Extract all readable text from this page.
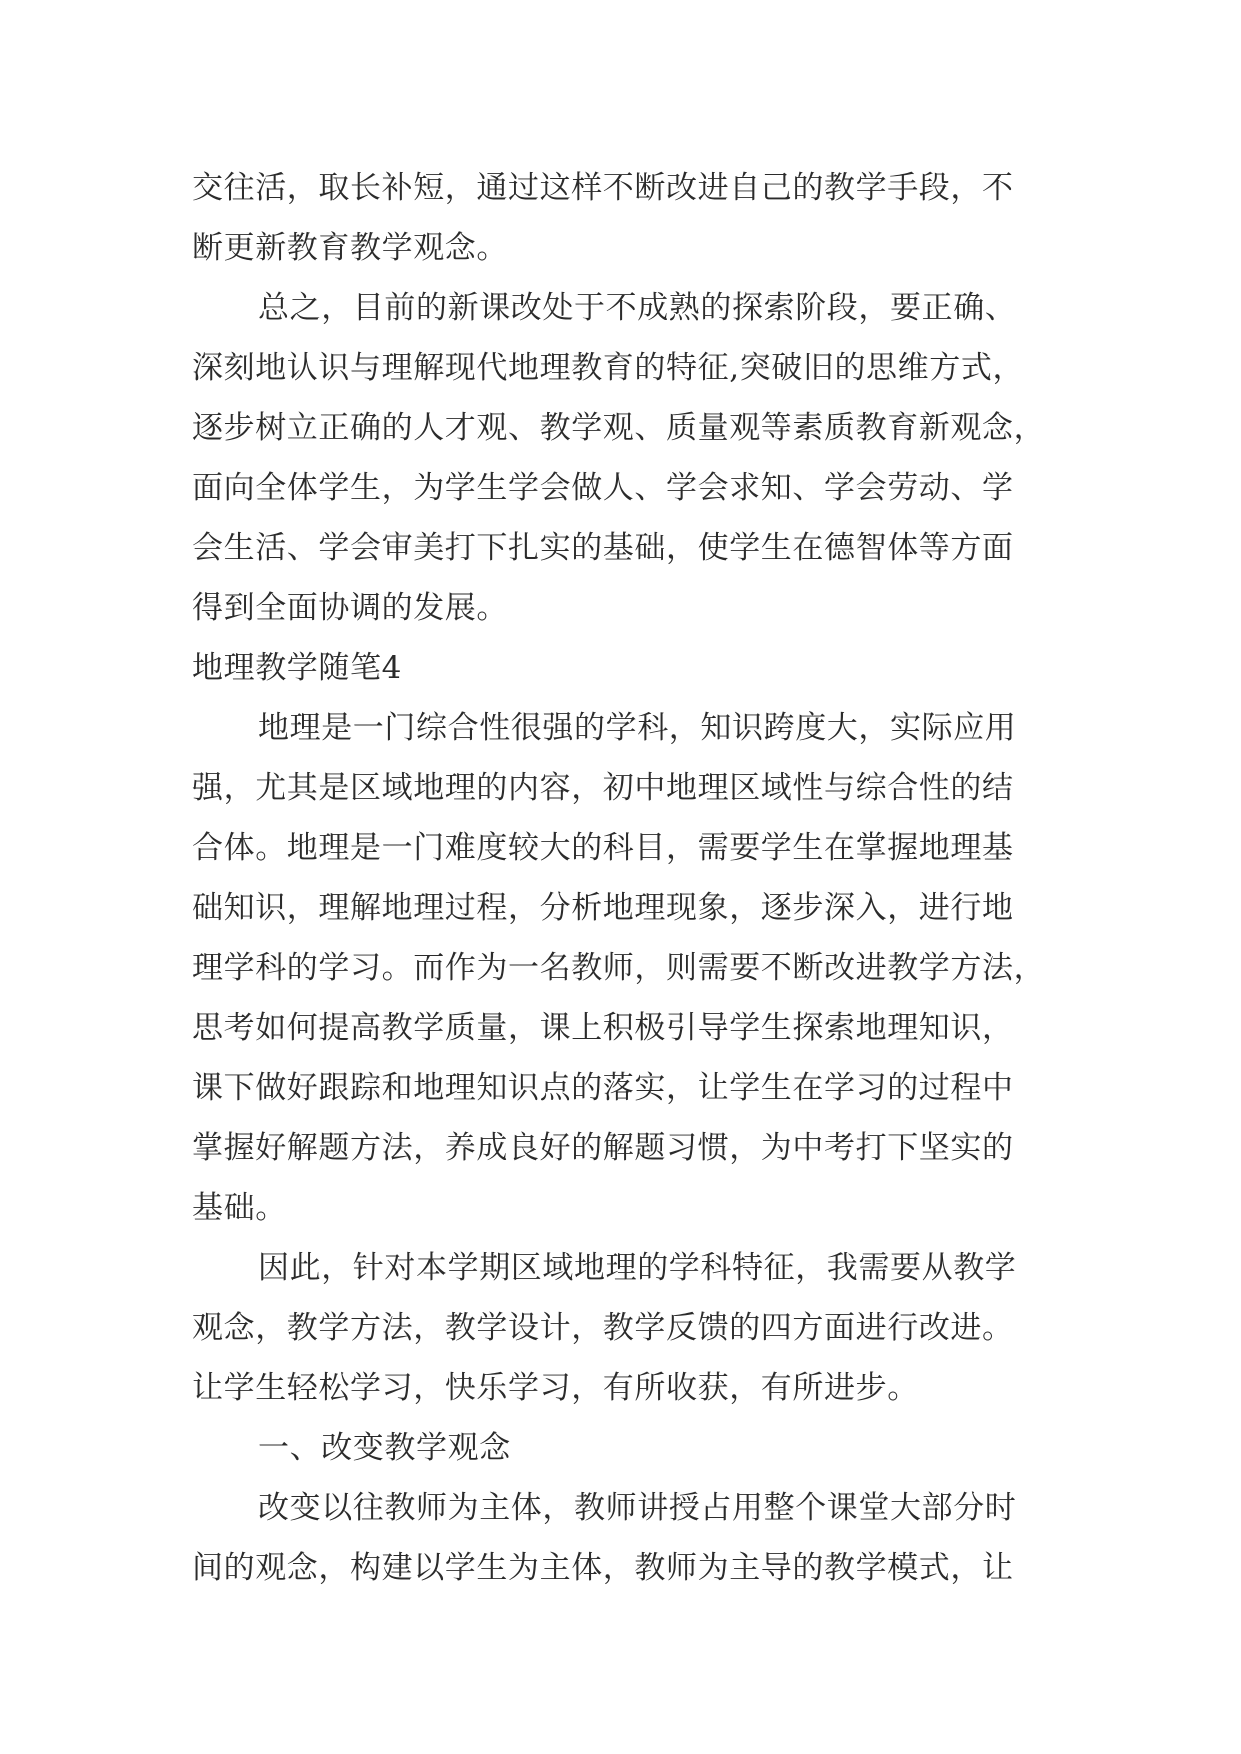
交往活，取长补短，通过这样不断改进自己的教学手段，不
断更新教育教学观念。
总之，目前的新课改处于不成熟的探索阶段，要正确、
深刻地认识与理解现代地理教育的特征,突破旧的思维方式，
逐步树立正确的人才观、教学观、质量观等素质教育新观念，
面向全体学生，为学生学会做人、学会求知、学会劳动、学
会生活、学会审美打下扎实的基础，使学生在德智体等方面
得到全面协调的发展。
地理教学随笔4
地理是一门综合性很强的学科，知识跨度大，实际应用
强，尤其是区域地理的内容，初中地理区域性与综合性的结
合体。地理是一门难度较大的科目，需要学生在掌握地理基
础知识，理解地理过程，分析地理现象，逐步深入，进行地
理学科的学习。而作为一名教师，则需要不断改进教学方法，
思考如何提高教学质量，课上积极引导学生探索地理知识，
课下做好跟踪和地理知识点的落实，让学生在学习的过程中
掌握好解题方法，养成良好的解题习惯，为中考打下坚实的
基础。
因此，针对本学期区域地理的学科特征，我需要从教学
观念，教学方法，教学设计，教学反馈的四方面进行改进。
让学生轻松学习，快乐学习，有所收获，有所进步。
一、改变教学观念
改变以往教师为主体，教师讲授占用整个课堂大部分时
间的观念，构建以学生为主体，教师为主导的教学模式，让
